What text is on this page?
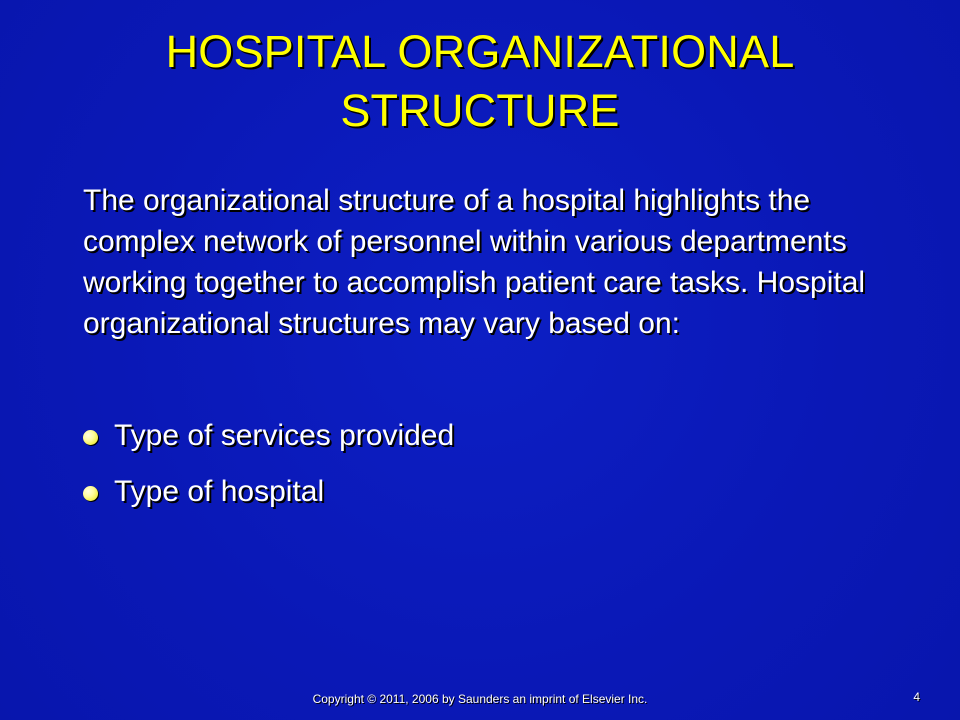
HOSPITAL ORGANIZATIONAL STRUCTURE
The organizational structure of a hospital highlights the complex network of personnel within various departments working together to accomplish patient care tasks. Hospital organizational structures may vary based on:
Type of services provided
Type of hospital
Copyright © 2011, 2006 by Saunders an imprint of Elsevier Inc.	4
